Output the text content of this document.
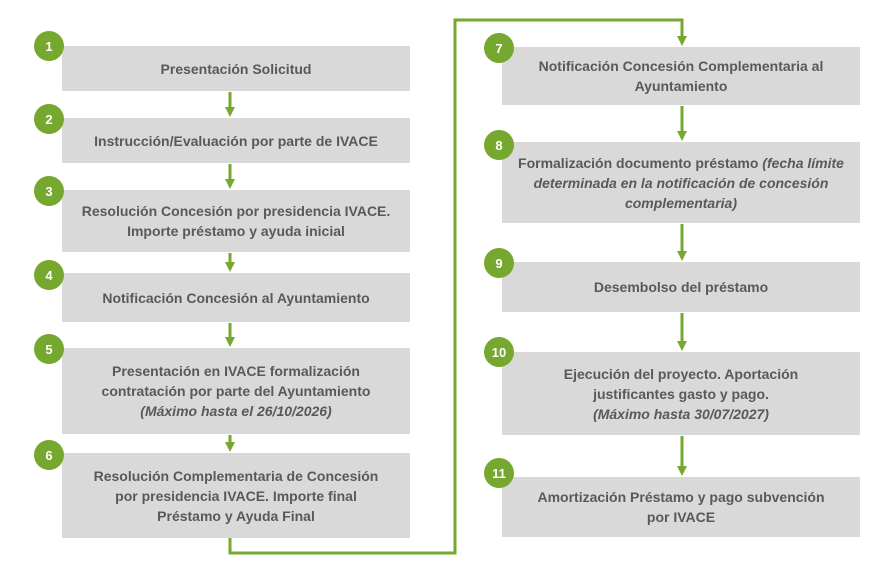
1
Presentación Solicitud
2
Instrucción/Evaluación por parte de IVACE
3
Resolución Concesión por presidencia IVACE.
Importe préstamo y ayuda inicial
4
Notificación Concesión al Ayuntamiento
5
Presentación en IVACE formalización
contratación por parte del Ayuntamiento
(Máximo hasta el 26/10/2026)
6
Resolución Complementaria de Concesión
por presidencia IVACE. Importe final
Préstamo y Ayuda Final
7
Notificación Concesión Complementaria al
Ayuntamiento
8
Formalización documento préstamo (fecha límite determinada en la notificación de concesión complementaria)
9
Desembolso del préstamo
10
Ejecución del proyecto. Aportación
justificantes gasto y pago.
(Máximo hasta 30/07/2027)
11
Amortización Préstamo y pago subvención
por IVACE
